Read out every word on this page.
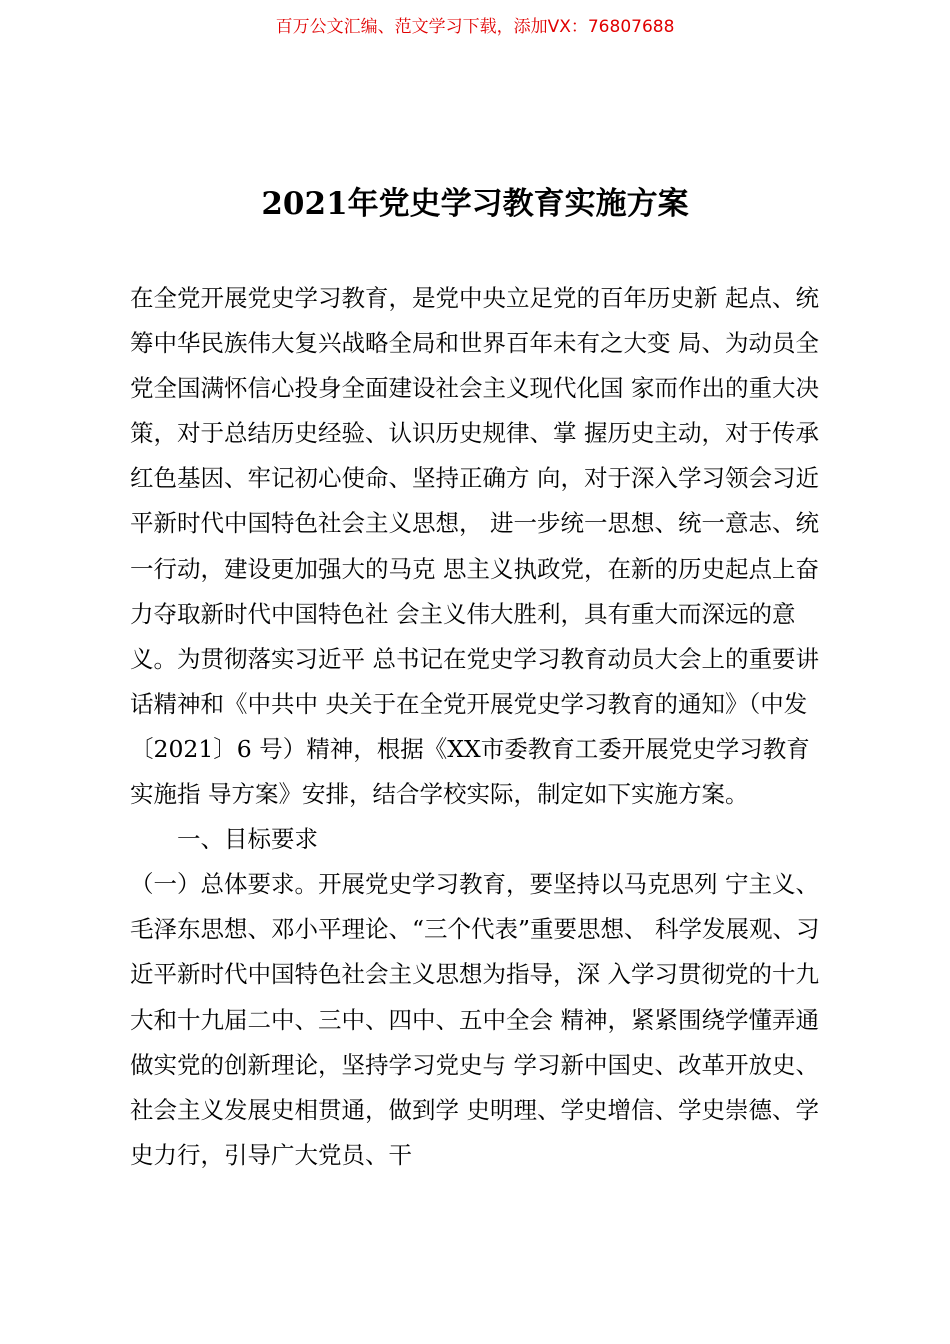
百万公文汇编、范文学习下载，添加VX：76807688
2021年党史学习教育实施方案
在全党开展党史学习教育，是党中央立足党的百年历史新 起点、统筹中华民族伟大复兴战略全局和世界百年未有之大变 局、为动员全党全国满怀信心投身全面建设社会主义现代化国 家而作出的重大决策，对于总结历史经验、认识历史规律、掌 握历史主动，对于传承红色基因、牢记初心使命、坚持正确方 向，对于深入学习领会习近平新时代中国特色社会主义思想， 进一步统一思想、统一意志、统一行动，建设更加强大的马克 思主义执政党，在新的历史起点上奋力夺取新时代中国特色社 会主义伟大胜利，具有重大而深远的意义。为贯彻落实习近平 总书记在党史学习教育动员大会上的重要讲话精神和《中共中 央关于在全党开展党史学习教育的通知》（中发〔2021〕6 号）精神，根据《XX市委教育工委开展党史学习教育实施指 导方案》安排，结合学校实际，制定如下实施方案。
一、目标要求
（一）总体要求。开展党史学习教育，要坚持以马克思列 宁主义、毛泽东思想、邓小平理论、“三个代表”重要思想、 科学发展观、习近平新时代中国特色社会主义思想为指导，深 入学习贯彻党的十九大和十九届二中、三中、四中、五中全会 精神，紧紧围绕学懂弄通做实党的创新理论，坚持学习党史与 学习新中国史、改革开放史、社会主义发展史相贯通，做到学 史明理、学史增信、学史崇德、学史力行，引导广大党员、干
